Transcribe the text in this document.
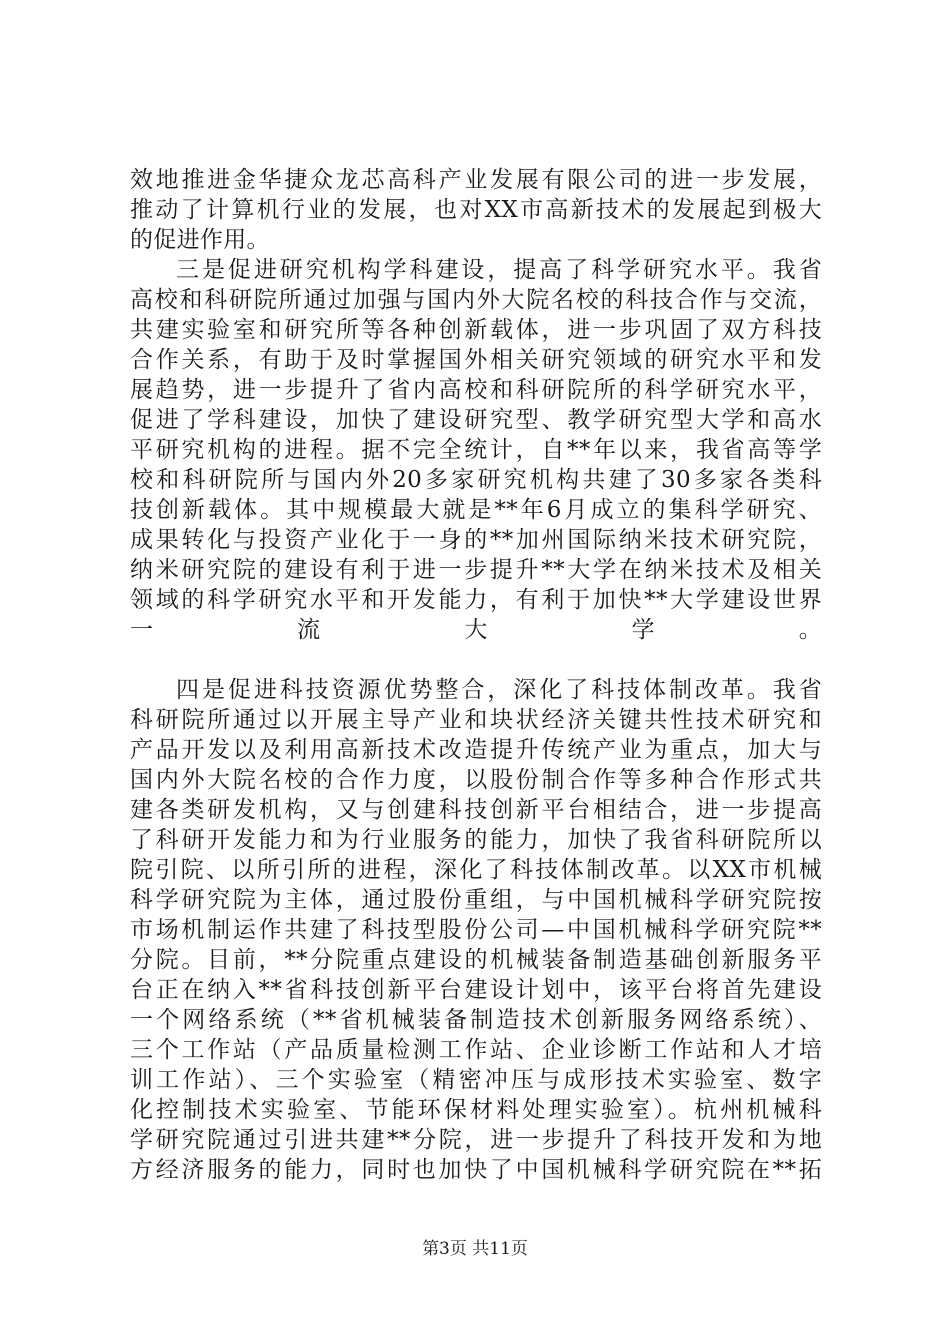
效地推进金华捷众龙芯高科产业发展有限公司的进一步发展，
推动了计算机行业的发展，也对XX市高新技术的发展起到极大
的促进作用。
三是促进研究机构学科建设，提高了科学研究水平。我省
高校和科研院所通过加强与国内外大院名校的科技合作与交流，
共建实验室和研究所等各种创新载体，进一步巩固了双方科技
合作关系，有助于及时掌握国外相关研究领域的研究水平和发
展趋势，进一步提升了省内高校和科研院所的科学研究水平，
促进了学科建设，加快了建设研究型、教学研究型大学和高水
平研究机构的进程。据不完全统计，自**年以来，我省高等学
校和科研院所与国内外20多家研究机构共建了30多家各类科
技创新载体。其中规模最大就是**年6月成立的集科学研究、
成果转化与投资产业化于一身的**加州国际纳米技术研究院，
纳米研究院的建设有利于进一步提升**大学在纳米技术及相关
领域的科学研究水平和开发能力，有利于加快**大学建设世界
一流大学。
四是促进科技资源优势整合，深化了科技体制改革。我省
科研院所通过以开展主导产业和块状经济关键共性技术研究和
产品开发以及利用高新技术改造提升传统产业为重点，加大与
国内外大院名校的合作力度，以股份制合作等多种合作形式共
建各类研发机构，又与创建科技创新平台相结合，进一步提高
了科研开发能力和为行业服务的能力，加快了我省科研院所以
院引院、以所引所的进程，深化了科技体制改革。以XX市机械
科学研究院为主体，通过股份重组，与中国机械科学研究院按
市场机制运作共建了科技型股份公司—中国机械科学研究院**
分院。目前，**分院重点建设的机械装备制造基础创新服务平
台正在纳入**省科技创新平台建设计划中，该平台将首先建设
一个网络系统（**省机械装备制造技术创新服务网络系统）、
三个工作站（产品质量检测工作站、企业诊断工作站和人才培
训工作站）、三个实验室（精密冲压与成形技术实验室、数字
化控制技术实验室、节能环保材料处理实验室）。杭州机械科
学研究院通过引进共建**分院，进一步提升了科技开发和为地
方经济服务的能力，同时也加快了中国机械科学研究院在**拓
第3页 共11页
